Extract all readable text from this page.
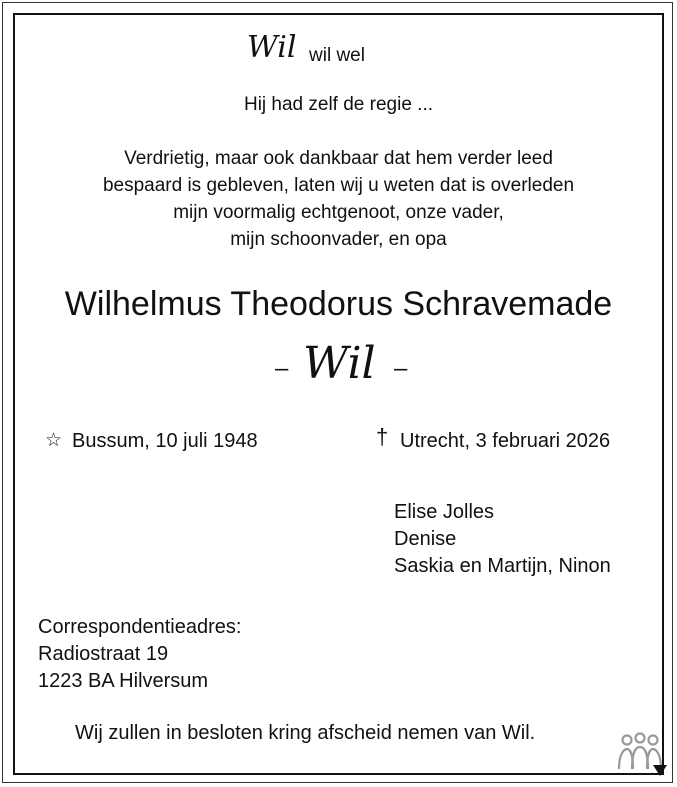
Wil wil wel
Hij had zelf de regie ...
Verdrietig, maar ook dankbaar dat hem verder leed
bespaard is gebleven, laten wij u weten dat is overleden
mijn voormalig echtgenoot, onze vader,
mijn schoonvader, en opa
Wilhelmus Theodorus Schravemade
– Wil –
☆ Bussum, 10 juli 1948	† Utrecht, 3 februari 2026
Elise Jolles
Denise
Saskia en Martijn, Ninon
Correspondentieadres:
Radiostraat 19
1223 BA Hilversum
Wij zullen in besloten kring afscheid nemen van Wil.
